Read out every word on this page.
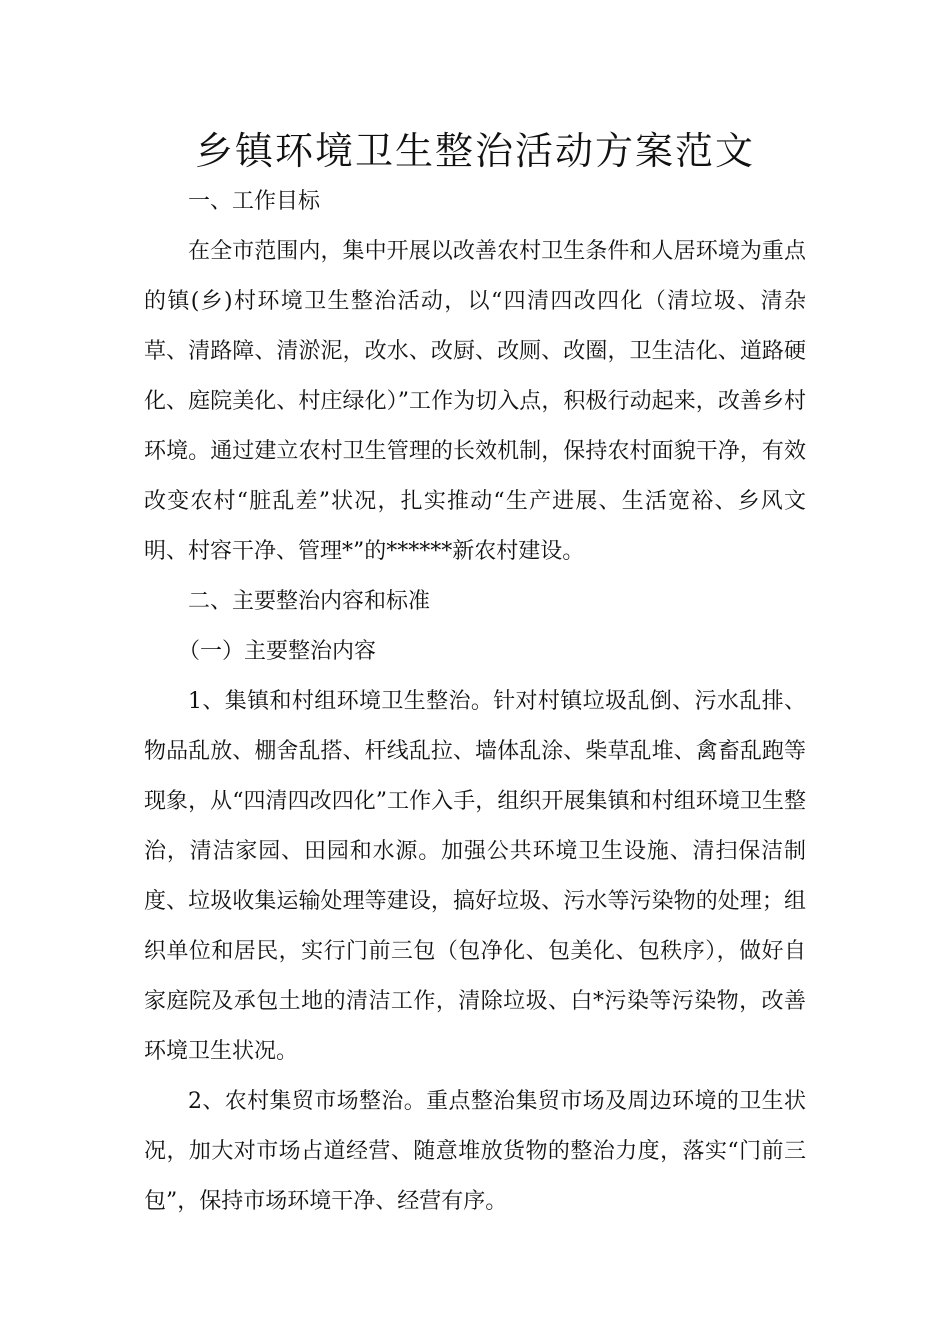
乡镇环境卫生整治活动方案范文

一、工作目标

在全市范围内，集中开展以改善农村卫生条件和人居环境为重点的镇(乡)村环境卫生整治活动，以“四清四改四化（清垃圾、清杂草、清路障、清淤泥，改水、改厨、改厕、改圈，卫生洁化、道路硬化、庭院美化、村庄绿化）”工作为切入点，积极行动起来，改善乡村环境。通过建立农村卫生管理的长效机制，保持农村面貌干净，有效改变农村“脏乱差”状况，扎实推动“生产进展、生活宽裕、乡风文明、村容干净、管理*”的******新农村建设。

二、主要整治内容和标准

（一）主要整治内容

1、集镇和村组环境卫生整治。针对村镇垃圾乱倒、污水乱排、物品乱放、棚舍乱搭、杆线乱拉、墙体乱涂、柴草乱堆、禽畜乱跑等现象，从“四清四改四化”工作入手，组织开展集镇和村组环境卫生整治，清洁家园、田园和水源。加强公共环境卫生设施、清扫保洁制度、垃圾收集运输处理等建设，搞好垃圾、污水等污染物的处理；组织单位和居民，实行门前三包（包净化、包美化、包秩序），做好自家庭院及承包土地的清洁工作，清除垃圾、白*污染等污染物，改善环境卫生状况。

2、农村集贸市场整治。重点整治集贸市场及周边环境的卫生状况，加大对市场占道经营、随意堆放货物的整治力度，落实“门前三包”，保持市场环境干净、经营有序。
